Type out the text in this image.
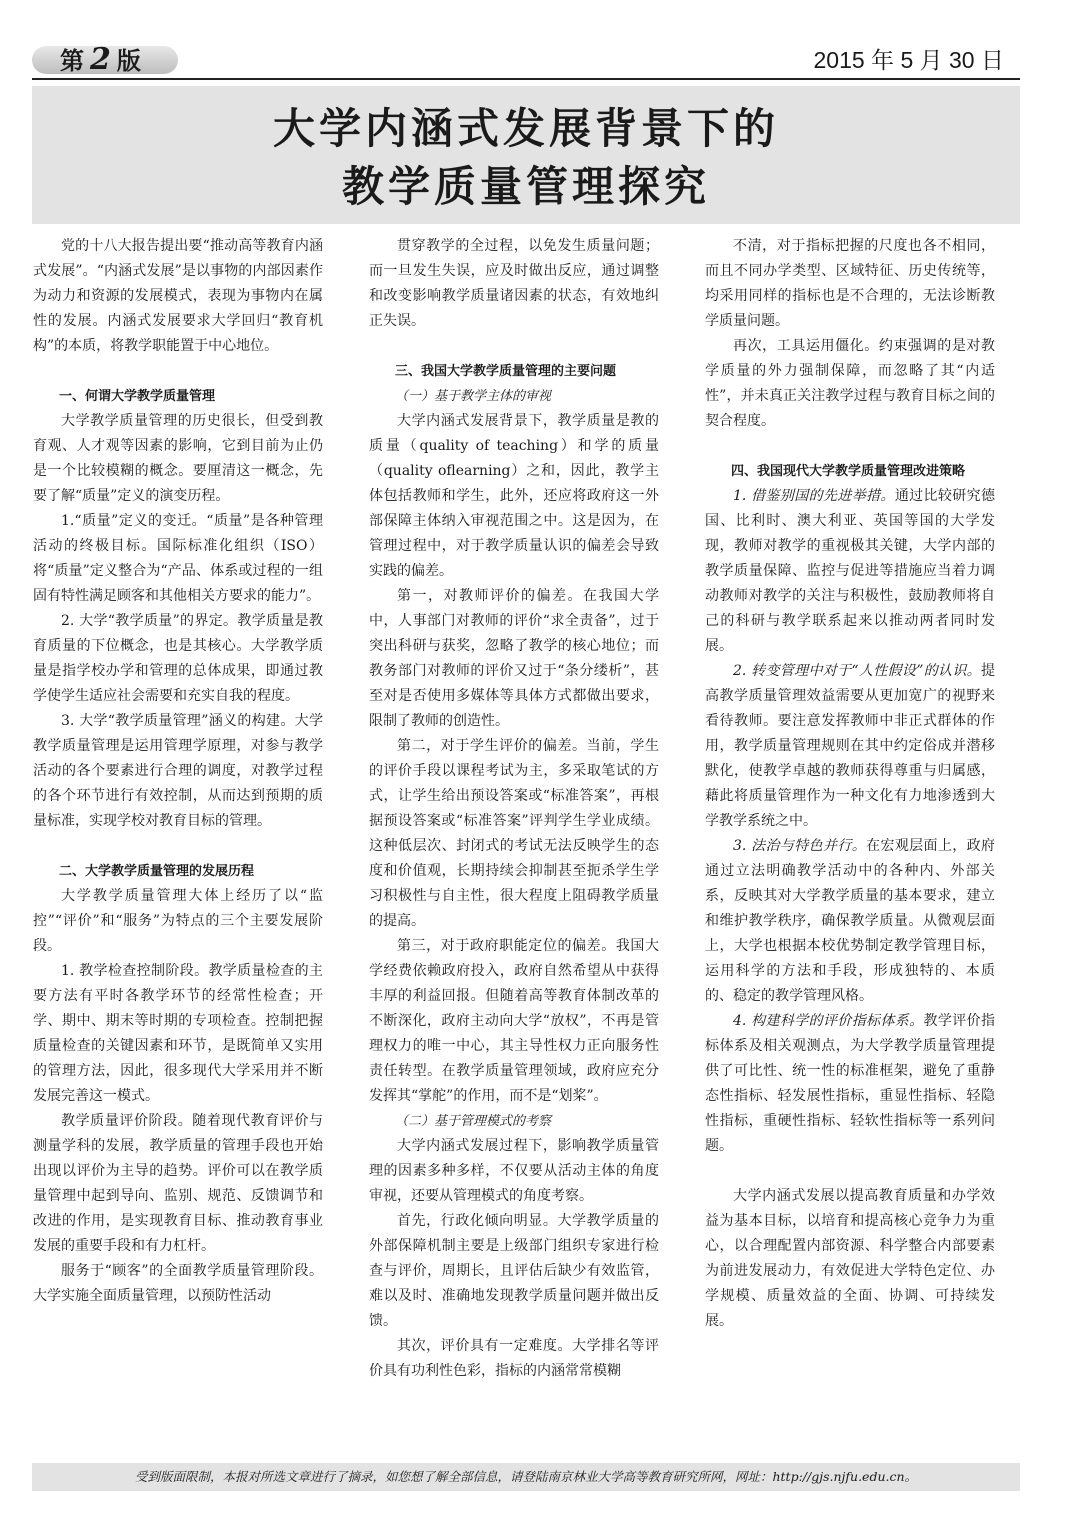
第 2 版	2015 年 5 月 30 日
大学内涵式发展背景下的
教学质量管理探究

党的十八大报告提出要“推动高等教育内涵式发展”。“内涵式发展”是以事物的内部因素作为动力和资源的发展模式，表现为事物内在属性的发展。内涵式发展要求大学回归“教育机构”的本质，将教学职能置于中心地位。

一、何谓大学教学质量管理

大学教学质量管理的历史很长，但受到教育观、人才观等因素的影响，它到目前为止仍是一个比较模糊的概念。要厘清这一概念，先要了解“质量”定义的演变历程。

1.“质量”定义的变迁。“质量”是各种管理活动的终极目标。国际标准化组织（ISO）将“质量”定义整合为“产品、体系或过程的一组固有特性满足顾客和其他相关方要求的能力”。

2. 大学“教学质量”的界定。教学质量是教育质量的下位概念，也是其核心。大学教学质量是指学校办学和管理的总体成果，即通过教学使学生适应社会需要和充实自我的程度。

3. 大学“教学质量管理”涵义的构建。大学教学质量管理是运用管理学原理，对参与教学活动的各个要素进行合理的调度，对教学过程的各个环节进行有效控制，从而达到预期的质量标准，实现学校对教育目标的管理。

二、大学教学质量管理的发展历程

大学教学质量管理大体上经历了以“监控”“评价”和“服务”为特点的三个主要发展阶段。

1. 教学检查控制阶段。教学质量检查的主要方法有平时各教学环节的经常性检查；开学、期中、期末等时期的专项检查。控制把握质量检查的关键因素和环节，是既简单又实用的管理方法，因此，很多现代大学采用并不断发展完善这一模式。

教学质量评价阶段。随着现代教育评价与测量学科的发展，教学质量的管理手段也开始出现以评价为主导的趋势。评价可以在教学质量管理中起到导向、监别、规范、反馈调节和改进的作用，是实现教育目标、推动教育事业发展的重要手段和有力杠杆。

服务于“顾客”的全面教学质量管理阶段。大学实施全面质量管理，以预防性活动

贯穿教学的全过程，以免发生质量问题；而一旦发生失误，应及时做出反应，通过调整和改变影响教学质量诸因素的状态，有效地纠正失误。

三、我国大学教学质量管理的主要问题
（一）基于教学主体的审视

大学内涵式发展背景下，教学质量是教的质量（quality of teaching）和学的质量（quality oflearning）之和，因此，教学主体包括教师和学生，此外，还应将政府这一外部保障主体纳入审视范围之中。这是因为，在管理过程中，对于教学质量认识的偏差会导致实践的偏差。

第一，对教师评价的偏差。在我国大学中，人事部门对教师的评价“求全责备”，过于突出科研与获奖，忽略了教学的核心地位；而教务部门对教师的评价又过于“条分缕析”，甚至对是否使用多媒体等具体方式都做出要求，限制了教师的创造性。

第二，对于学生评价的偏差。当前，学生的评价手段以课程考试为主，多采取笔试的方式，让学生给出预设答案或“标准答案”，再根据预设答案或“标准答案”评判学生学业成绩。这种低层次、封闭式的考试无法反映学生的态度和价值观，长期持续会抑制甚至扼杀学生学习积极性与自主性，很大程度上阻碍教学质量的提高。

第三，对于政府职能定位的偏差。我国大学经费依赖政府投入，政府自然希望从中获得丰厚的利益回报。但随着高等教育体制改革的不断深化，政府主动向大学“放权”，不再是管理权力的唯一中心，其主导性权力正向服务性责任转型。在教学质量管理领域，政府应充分发挥其“掌舵”的作用，而不是“划桨”。

（二）基于管理模式的考察

大学内涵式发展过程下，影响教学质量管理的因素多种多样，不仅要从活动主体的角度审视，还要从管理模式的角度考察。

首先，行政化倾向明显。大学教学质量的外部保障机制主要是上级部门组织专家进行检查与评价，周期长，且评估后缺少有效监管，难以及时、准确地发现教学质量问题并做出反馈。

其次，评价具有一定难度。大学排名等评价具有功利性色彩，指标的内涵常常模糊

不清，对于指标把握的尺度也各不相同，而且不同办学类型、区域特征、历史传统等，均采用同样的指标也是不合理的，无法诊断教学质量问题。

再次，工具运用僵化。约束强调的是对教学质量的外力强制保障，而忽略了其“内适性”，并未真正关注教学过程与教育目标之间的契合程度。

四、我国现代大学教学质量管理改进策略

1. 借鉴别国的先进举措。通过比较研究德国、比利时、澳大利亚、英国等国的大学发现，教师对教学的重视极其关键，大学内部的教学质量保障、监控与促进等措施应当着力调动教师对教学的关注与积极性，鼓励教师将自己的科研与教学联系起来以推动两者同时发展。

2. 转变管理中对于“人性假设”的认识。提高教学质量管理效益需要从更加宽广的视野来看待教师。要注意发挥教师中非正式群体的作用，教学质量管理规则在其中约定俗成并潜移默化，使教学卓越的教师获得尊重与归属感，藉此将质量管理作为一种文化有力地渗透到大学教学系统之中。

3. 法治与特色并行。在宏观层面上，政府通过立法明确教学活动中的各种内、外部关系，反映其对大学教学质量的基本要求，建立和维护教学秩序，确保教学质量。从微观层面上，大学也根据本校优势制定教学管理目标，运用科学的方法和手段，形成独特的、本质的、稳定的教学管理风格。

4. 构建科学的评价指标体系。教学评价指标体系及相关观测点，为大学教学质量管理提供了可比性、统一性的标准框架，避免了重静态性指标、轻发展性指标，重显性指标、轻隐性指标，重硬性指标、轻软性指标等一系列问题。

大学内涵式发展以提高教育质量和办学效益为基本目标，以培育和提高核心竞争力为重心，以合理配置内部资源、科学整合内部要素为前进发展动力，有效促进大学特色定位、办学规模、质量效益的全面、协调、可持续发展。

受到版面限制，本报对所选文章进行了摘录，如您想了解全部信息，请登陆南京林业大学高等教育研究所网，网址：http://gjs.njfu.edu.cn。
